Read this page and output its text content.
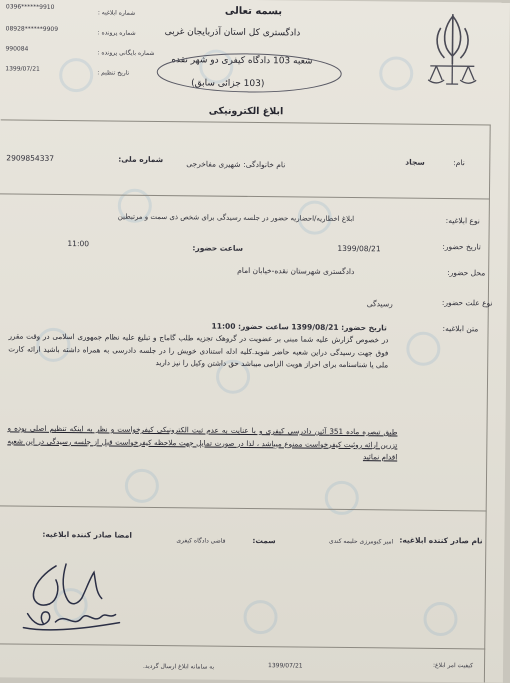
بسمه تعالی
دادگستری کل استان آذربایجان غربی
شعبه 103 دادگاه کیفری دو شهر نقده
(103 جزائی سابق)
ابلاغ الکترونیکی
9910******0396
9909******08928
990084
1399/07/21
شماره ابلاغیه :
شماره پرونده :
شماره بایگانی پرونده :
تاریخ تنظیم :
نام:
سجاد
نام خانوادگی:
شهیری مفاخرجی
شماره ملی:
2909854337
نوع ابلاغیه:
ابلاغ اخطاریه/احضاریه حضور در جلسه رسیدگی برای شخص ذی سمت و مرتبطین
تاریخ حضور:
1399/08/21
ساعت حضور:
11:00
محل حضور:
دادگستری شهرستان نقده-خیابان امام
نوع علت حضور:
رسیدگی
متن ابلاغیه:
تاریخ حضور: 1399/08/21 ساعت حضور: 11:00
در خصوص گزارش علیه شما مبنی بر عضویت در گروهک تجزیه طلب گاماج و تبلیغ علیه نظام جمهوری اسلامی در وقت مقرر فوق جهت رسیدگی دراین شعبه حاضر شوید.کلیه ادله استنادی خویش را در جلسه دادرسی به همراه داشته باشید ارائه کارت ملی یا شناسنامه برای احراز هویت الزامی میباشد حق داشتن وکیل را نیز دارید
طبق تبصره ماده 351 آئین دادرسی کیفری و با عنایت به عدم ثبت الکترونیکی کیفرخواست و نظر به اینکه تنظیم اصلی بوده و تزرین ارائه روئیت کیفرخواست ممنوع میباشد ، لذا در صورت تمایل جهت ملاحظه کیفرخواست قبل از جلسه رسیدگی در این شعبه اقدام نمائید
نام صادر کننده ابلاغیه:
امیر کیومرزی حلیمه کندی
سمت:
قاضی دادگاه کیفری
امضا صادر کننده ابلاغیه:
کیفیت امر ابلاغ:
1399/07/21
به سامانه ابلاغ ارسال گردید.
